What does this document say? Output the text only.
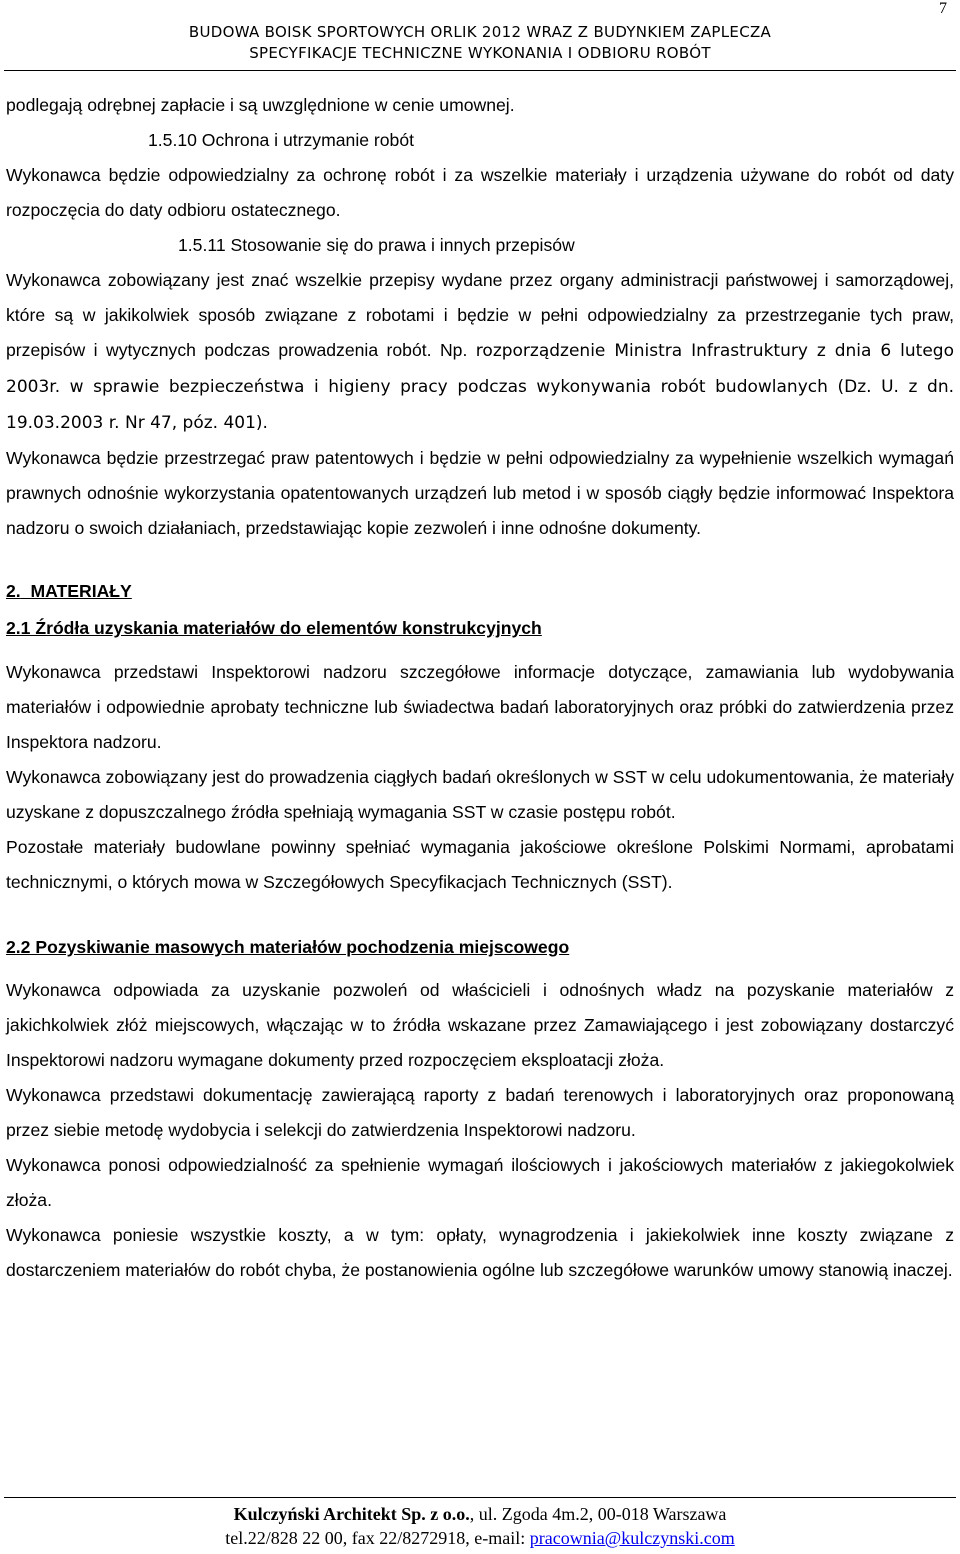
7
BUDOWA BOISK SPORTOWYCH ORLIK 2012 WRAZ Z BUDYNKIEM ZAPLECZA
SPECYFIKACJE TECHNICZNE WYKONANIA I ODBIORU ROBÓT

podlegają odrębnej zapłacie i są uwzględnione w cenie umownej.

1.5.10 Ochrona i utrzymanie robót

Wykonawca będzie odpowiedzialny za ochronę robót i za wszelkie materiały i urządzenia używane do robót od daty rozpoczęcia do daty odbioru ostatecznego.

1.5.11 Stosowanie się do prawa i innych przepisów

Wykonawca zobowiązany jest znać wszelkie przepisy wydane przez organy administracji państwowej i samorządowej, które są w jakikolwiek sposób związane z robotami i będzie w pełni odpowiedzialny za przestrzeganie tych praw, przepisów i wytycznych podczas prowadzenia robót. Np. rozporządzenie Ministra Infrastruktury z dnia 6 lutego 2003r. w sprawie bezpieczeństwa i higieny pracy podczas wykonywania robót budowlanych (Dz. U. z dn. 19.03.2003 r. Nr 47, póz. 401).

Wykonawca będzie przestrzegać praw patentowych i będzie w pełni odpowiedzialny za wypełnienie wszelkich wymagań prawnych odnośnie wykorzystania opatentowanych urządzeń lub metod i w sposób ciągły będzie informować Inspektora nadzoru o swoich działaniach, przedstawiając kopie zezwoleń i inne odnośne dokumenty.

2. MATERIAŁY

2.1 Źródła uzyskania materiałów do elementów konstrukcyjnych

Wykonawca przedstawi Inspektorowi nadzoru szczegółowe informacje dotyczące, zamawiania lub wydobywania materiałów i odpowiednie aprobaty techniczne lub świadectwa badań laboratoryjnych oraz próbki do zatwierdzenia przez Inspektora nadzoru.

Wykonawca zobowiązany jest do prowadzenia ciągłych badań określonych w SST w celu udokumentowania, że materiały uzyskane z dopuszczalnego źródła spełniają wymagania SST w czasie postępu robót.

Pozostałe materiały budowlane powinny spełniać wymagania jakościowe określone Polskimi Normami, aprobatami technicznymi, o których mowa w Szczegółowych Specyfikacjach Technicznych (SST).

2.2 Pozyskiwanie masowych materiałów pochodzenia miejscowego

Wykonawca odpowiada za uzyskanie pozwoleń od właścicieli i odnośnych władz na pozyskanie materiałów z jakichkolwiek złóż miejscowych, włączając w to źródła wskazane przez Zamawiającego i jest zobowiązany dostarczyć Inspektorowi nadzoru wymagane dokumenty przed rozpoczęciem eksploatacji złoża.

Wykonawca przedstawi dokumentację zawierającą raporty z badań terenowych i laboratoryjnych oraz proponowaną przez siebie metodę wydobycia i selekcji do zatwierdzenia Inspektorowi nadzoru.

Wykonawca ponosi odpowiedzialność za spełnienie wymagań ilościowych i jakościowych materiałów z jakiegokolwiek złoża.

Wykonawca poniesie wszystkie koszty, a w tym: opłaty, wynagrodzenia i jakiekolwiek inne koszty związane z dostarczeniem materiałów do robót chyba, że postanowienia ogólne lub szczegółowe warunków umowy stanowią inaczej.

Kulczyński Architekt Sp. z o.o., ul. Zgoda 4m.2, 00-018 Warszawa
tel.22/828 22 00, fax 22/8272918, e-mail: pracownia@kulczynski.com
